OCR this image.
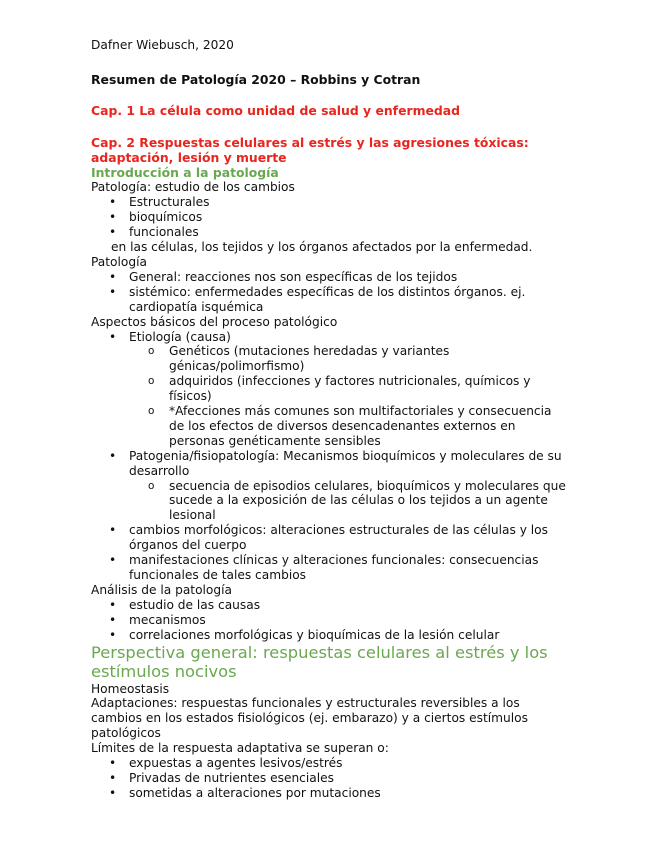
Dafner Wiebusch, 2020

Resumen de Patología 2020 – Robbins y Cotran

Cap. 1 La célula como unidad de salud y enfermedad

Cap. 2 Respuestas celulares al estrés y las agresiones tóxicas: adaptación, lesión y muerte

Introducción a la patología

Patología: estudio de los cambios

• Estructurales
• bioquímicos
• funcionales

en las células, los tejidos y los órganos afectados por la enfermedad.

Patología

• General: reacciones nos son específicas de los tejidos
• sistémico: enfermedades específicas de los distintos órganos. ej. cardiopatía isquémica

Aspectos básicos del proceso patológico

• Etiología (causa)
o Genéticos (mutaciones heredadas y variantes génicas/polimorfismo)
o adquiridos (infecciones y factores nutricionales, químicos y físicos)
o *Afecciones más comunes son multifactoriales y consecuencia de los efectos de diversos desencadenantes externos en personas genéticamente sensibles
• Patogenia/fisiopatología: Mecanismos bioquímicos y moleculares de su desarrollo
o secuencia de episodios celulares, bioquímicos y moleculares que sucede a la exposición de las células o los tejidos a un agente lesional
• cambios morfológicos: alteraciones estructurales de las células y los órganos del cuerpo
• manifestaciones clínicas y alteraciones funcionales: consecuencias funcionales de tales cambios

Análisis de la patología

• estudio de las causas
• mecanismos
• correlaciones morfológicas y bioquímicas de la lesión celular

Perspectiva general: respuestas celulares al estrés y los estímulos nocivos

Homeostasis

Adaptaciones: respuestas funcionales y estructurales reversibles a los cambios en los estados fisiológicos (ej. embarazo) y a ciertos estímulos patológicos

Límites de la respuesta adaptativa se superan o:

• expuestas a agentes lesivos/estrés
• Privadas de nutrientes esenciales
• sometidas a alteraciones por mutaciones
